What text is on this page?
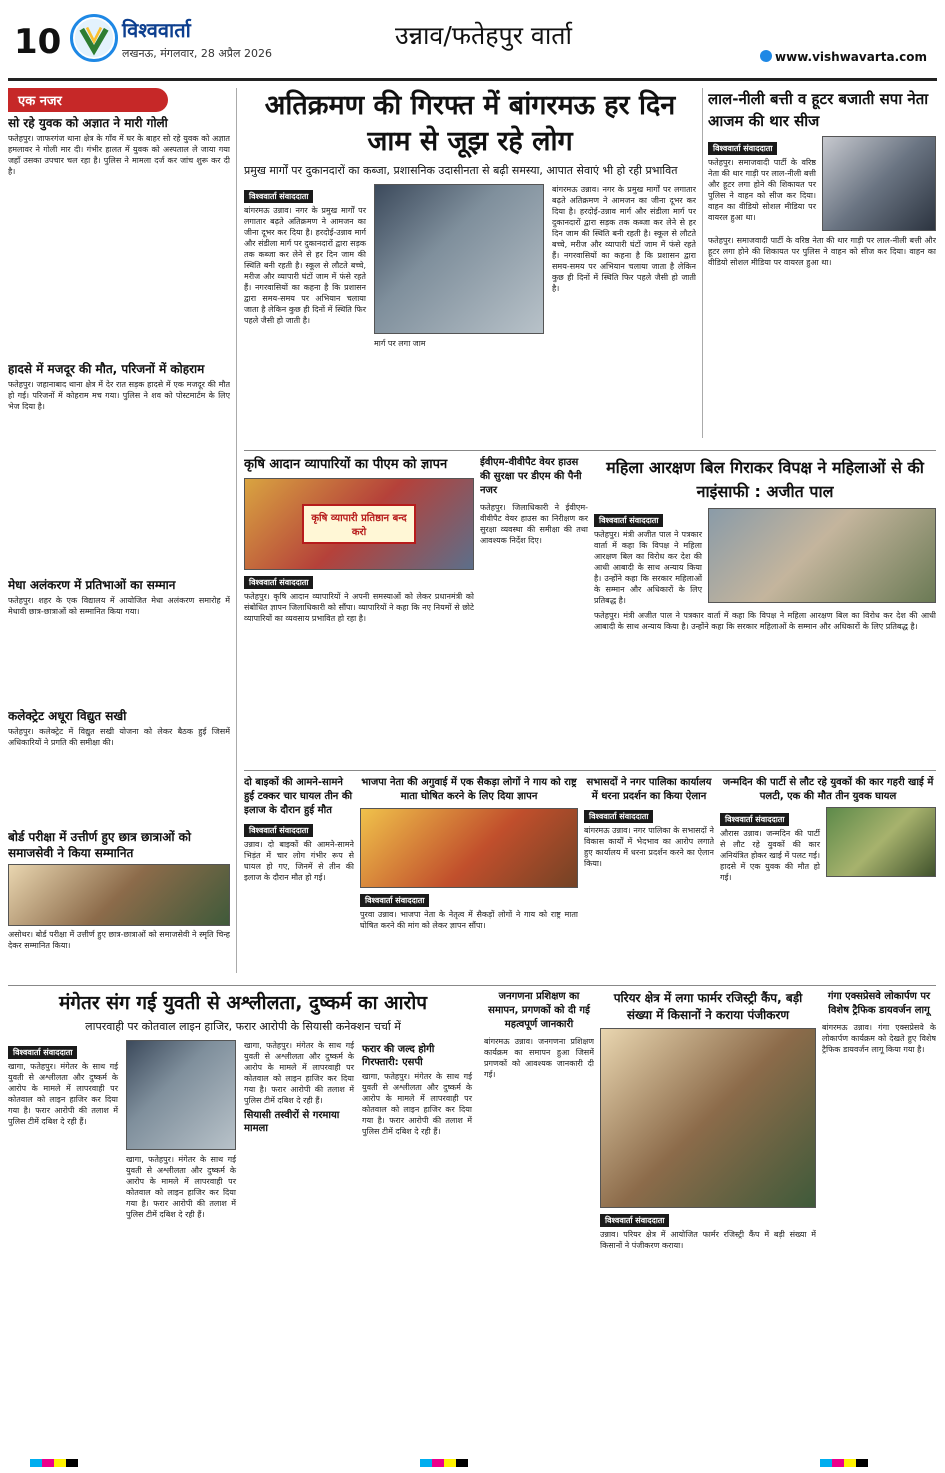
10	विश्ववार्ता
लखनऊ, मंगलवार, 28 अप्रैल 2026
उन्नाव/फतेहपुर वार्ता
www.vishwavarta.com
एक नजर
सो रहे युवक को अज्ञात ने मारी गोली
फतेहपुर। जाफरगंज थाना क्षेत्र के गाँव में घर के बाहर सो रहे युवक को अज्ञात हमलावर ने गोली मार दी। गंभीर हालत में युवक को अस्पताल ले जाया गया जहाँ उसका उपचार चल रहा है। पुलिस ने मामला दर्ज कर जांच शुरू कर दी है।
हादसे में मजदूर की मौत, परिजनों में कोहराम
फतेहपुर। जहानाबाद थाना क्षेत्र में देर रात सड़क हादसे में एक मजदूर की मौत हो गई। परिजनों में कोहराम मच गया। पुलिस ने शव को पोस्टमार्टम के लिए भेज दिया है।
मेधा अलंकरण में प्रतिभाओं का सम्मान
फतेहपुर। शहर के एक विद्यालय में आयोजित मेधा अलंकरण समारोह में मेधावी छात्र-छात्राओं को सम्मानित किया गया।
कलेक्ट्रेट अधूरा विद्युत सखी
फतेहपुर। कलेक्ट्रेट में विद्युत सखी योजना को लेकर बैठक हुई जिसमें अधिकारियों ने प्रगति की समीक्षा की।
बोर्ड परीक्षा में उत्तीर्ण हुए छात्र छात्राओं को समाजसेवी ने किया सम्मानित
असोथर। बोर्ड परीक्षा में उत्तीर्ण हुए छात्र-छात्राओं को समाजसेवी ने स्मृति चिन्ह देकर सम्मानित किया।
अतिक्रमण की गिरफ्त में बांगरमऊ हर दिन जाम से जूझ रहे लोग
प्रमुख मार्गों पर दुकानदारों का कब्जा, प्रशासनिक उदासीनता से बढ़ी समस्या, आपात सेवाएं भी हो रही प्रभावित
विश्ववार्ता संवाददाता
बांगरमऊ उन्नाव। नगर के प्रमुख मार्गों पर लगातार बढ़ते अतिक्रमण ने आमजन का जीना दूभर कर दिया है। हरदोई-उन्नाव मार्ग और संडीला मार्ग पर दुकानदारों द्वारा सड़क तक कब्जा कर लेने से हर दिन जाम की स्थिति बनी रहती है। स्कूल से लौटते बच्चे, मरीज और व्यापारी घंटों जाम में फंसे रहते हैं। नगरवासियों का कहना है कि प्रशासन द्वारा समय-समय पर अभियान चलाया जाता है लेकिन कुछ ही दिनों में स्थिति फिर पहले जैसी हो जाती है।
मार्ग पर लगा जाम
बांगरमऊ उन्नाव। नगर के प्रमुख मार्गों पर लगातार बढ़ते अतिक्रमण ने आमजन का जीना दूभर कर दिया है। हरदोई-उन्नाव मार्ग और संडीला मार्ग पर दुकानदारों द्वारा सड़क तक कब्जा कर लेने से हर दिन जाम की स्थिति बनी रहती है। स्कूल से लौटते बच्चे, मरीज और व्यापारी घंटों जाम में फंसे रहते हैं। नगरवासियों का कहना है कि प्रशासन द्वारा समय-समय पर अभियान चलाया जाता है लेकिन कुछ ही दिनों में स्थिति फिर पहले जैसी हो जाती है।
लाल-नीली बत्ती व हूटर बजाती सपा नेता आजम की थार सीज
विश्ववार्ता संवाददाता
फतेहपुर। समाजवादी पार्टी के वरिष्ठ नेता की थार गाड़ी पर लाल-नीली बत्ती और हूटर लगा होने की शिकायत पर पुलिस ने वाहन को सीज कर दिया। वाहन का वीडियो सोशल मीडिया पर वायरल हुआ था।
फतेहपुर। समाजवादी पार्टी के वरिष्ठ नेता की थार गाड़ी पर लाल-नीली बत्ती और हूटर लगा होने की शिकायत पर पुलिस ने वाहन को सीज कर दिया। वाहन का वीडियो सोशल मीडिया पर वायरल हुआ था।
कृषि आदान व्यापारियों का पीएम को ज्ञापन
कृषि व्यापारी प्रतिष्ठान बन्द करो
विश्ववार्ता संवाददाता
फतेहपुर। कृषि आदान व्यापारियों ने अपनी समस्याओं को लेकर प्रधानमंत्री को संबोधित ज्ञापन जिलाधिकारी को सौंपा। व्यापारियों ने कहा कि नए नियमों से छोटे व्यापारियों का व्यवसाय प्रभावित हो रहा है।
ईवीएम-वीवीपैट वेयर हाउस की सुरक्षा पर डीएम की पैनी नजर
फतेहपुर। जिलाधिकारी ने ईवीएम-वीवीपैट वेयर हाउस का निरीक्षण कर सुरक्षा व्यवस्था की समीक्षा की तथा आवश्यक निर्देश दिए।
महिला आरक्षण बिल गिराकर विपक्ष ने महिलाओं से की नाइंसाफी : अजीत पाल
विश्ववार्ता संवाददाता
फतेहपुर। मंत्री अजीत पाल ने पत्रकार वार्ता में कहा कि विपक्ष ने महिला आरक्षण बिल का विरोध कर देश की आधी आबादी के साथ अन्याय किया है। उन्होंने कहा कि सरकार महिलाओं के सम्मान और अधिकारों के लिए प्रतिबद्ध है।
फतेहपुर। मंत्री अजीत पाल ने पत्रकार वार्ता में कहा कि विपक्ष ने महिला आरक्षण बिल का विरोध कर देश की आधी आबादी के साथ अन्याय किया है। उन्होंने कहा कि सरकार महिलाओं के सम्मान और अधिकारों के लिए प्रतिबद्ध है।
दो बाइकों की आमने-सामने हुई टक्कर चार घायल तीन की इलाज के दौरान हुई मौत
विश्ववार्ता संवाददाता
उन्नाव। दो बाइकों की आमने-सामने भिड़ंत में चार लोग गंभीर रूप से घायल हो गए, जिनमें से तीन की इलाज के दौरान मौत हो गई।
भाजपा नेता की अगुवाई में एक सैकड़ा लोगों ने गाय को राष्ट्र माता घोषित करने के लिए दिया ज्ञापन
विश्ववार्ता संवाददाता
पुरवा उन्नाव। भाजपा नेता के नेतृत्व में सैकड़ों लोगों ने गाय को राष्ट्र माता घोषित करने की मांग को लेकर ज्ञापन सौंपा।
सभासदों ने नगर पालिका कार्यालय में धरना प्रदर्शन का किया ऐलान
विश्ववार्ता संवाददाता
बांगरमऊ उन्नाव। नगर पालिका के सभासदों ने विकास कार्यों में भेदभाव का आरोप लगाते हुए कार्यालय में धरना प्रदर्शन करने का ऐलान किया।
जन्मदिन की पार्टी से लौट रहे युवकों की कार गहरी खाई में पलटी, एक की मौत तीन युवक घायल
विश्ववार्ता संवाददाता
औरास उन्नाव। जन्मदिन की पार्टी से लौट रहे युवकों की कार अनियंत्रित होकर खाई में पलट गई। हादसे में एक युवक की मौत हो गई।
मंगेतर संग गई युवती से अश्लीलता, दुष्कर्म का आरोप
लापरवाही पर कोतवाल लाइन हाजिर, फरार आरोपी के सियासी कनेक्शन चर्चा में
विश्ववार्ता संवाददाता
खागा, फतेहपुर। मंगेतर के साथ गई युवती से अश्लीलता और दुष्कर्म के आरोप के मामले में लापरवाही पर कोतवाल को लाइन हाजिर कर दिया गया है। फरार आरोपी की तलाश में पुलिस टीमें दबिश दे रही हैं।
खागा, फतेहपुर। मंगेतर के साथ गई युवती से अश्लीलता और दुष्कर्म के आरोप के मामले में लापरवाही पर कोतवाल को लाइन हाजिर कर दिया गया है। फरार आरोपी की तलाश में पुलिस टीमें दबिश दे रही हैं।
खागा, फतेहपुर। मंगेतर के साथ गई युवती से अश्लीलता और दुष्कर्म के आरोप के मामले में लापरवाही पर कोतवाल को लाइन हाजिर कर दिया गया है। फरार आरोपी की तलाश में पुलिस टीमें दबिश दे रही हैं।
सियासी तस्वीरों से गरमाया मामला
फरार की जल्द होगी गिरफ्तारी: एसपी
खागा, फतेहपुर। मंगेतर के साथ गई युवती से अश्लीलता और दुष्कर्म के आरोप के मामले में लापरवाही पर कोतवाल को लाइन हाजिर कर दिया गया है। फरार आरोपी की तलाश में पुलिस टीमें दबिश दे रही हैं।
जनगणना प्रशिक्षण का समापन, प्रगणकों को दी गई महत्वपूर्ण जानकारी
बांगरमऊ उन्नाव। जनगणना प्रशिक्षण कार्यक्रम का समापन हुआ जिसमें प्रगणकों को आवश्यक जानकारी दी गई।
परियर क्षेत्र में लगा फार्मर रजिस्ट्री कैंप, बड़ी संख्या में किसानों ने कराया पंजीकरण
विश्ववार्ता संवाददाता
उन्नाव। परियर क्षेत्र में आयोजित फार्मर रजिस्ट्री कैंप में बड़ी संख्या में किसानों ने पंजीकरण कराया।
गंगा एक्सप्रेसवे लोकार्पण पर विशेष ट्रैफिक डायवर्जन लागू
बांगरमऊ उन्नाव। गंगा एक्सप्रेसवे के लोकार्पण कार्यक्रम को देखते हुए विशेष ट्रैफिक डायवर्जन लागू किया गया है।
